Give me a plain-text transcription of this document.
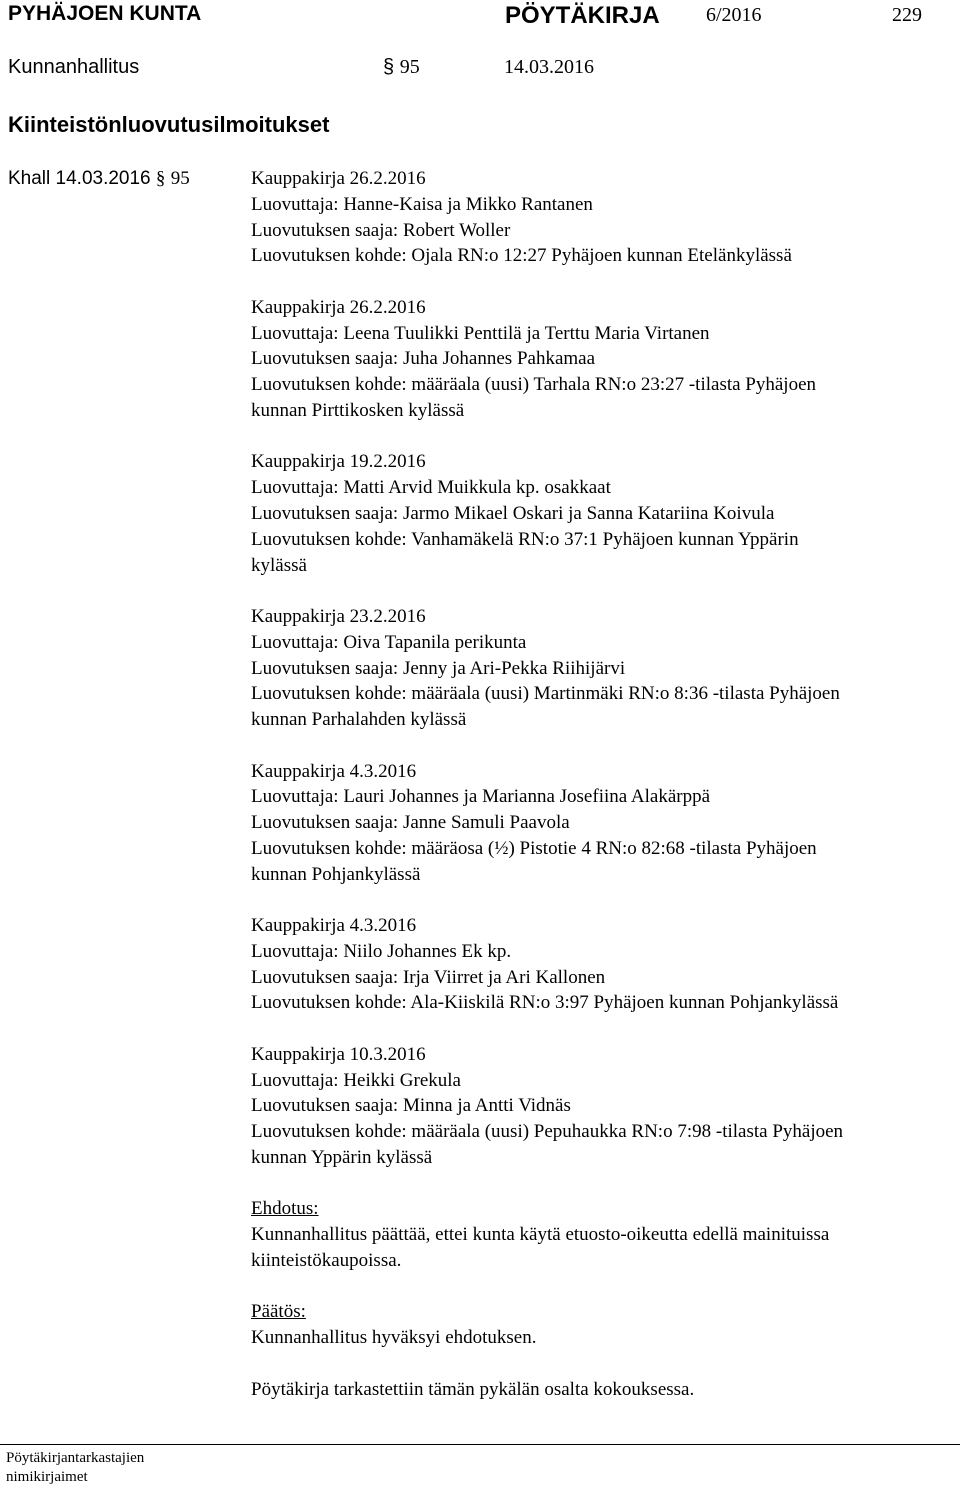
PYHÄJOEN KUNTA	PÖYTÄKIRJA 6/2016	229
Kunnanhallitus	§ 95	14.03.2016
Kiinteistönluovutusilmoitukset
Khall 14.03.2016 § 95	Kauppakirja 26.2.2016
Luovuttaja: Hanne-Kaisa ja Mikko Rantanen
Luovutuksen saaja: Robert Woller
Luovutuksen kohde: Ojala RN:o 12:27 Pyhäjoen kunnan Etelänkylässä
Kauppakirja 26.2.2016
Luovuttaja: Leena Tuulikki Penttilä ja Terttu Maria Virtanen
Luovutuksen saaja: Juha Johannes Pahkamaa
Luovutuksen kohde: määräala (uusi) Tarhala RN:o 23:27 -tilasta Pyhäjoen
kunnan Pirttikosken kylässä
Kauppakirja 19.2.2016
Luovuttaja: Matti Arvid Muikkula kp. osakkaat
Luovutuksen saaja: Jarmo Mikael Oskari ja Sanna Katariina Koivula
Luovutuksen kohde: Vanhamäkelä RN:o 37:1 Pyhäjoen kunnan Yppärin
kylässä
Kauppakirja 23.2.2016
Luovuttaja: Oiva Tapanila perikunta
Luovutuksen saaja: Jenny ja Ari-Pekka Riihijärvi
Luovutuksen kohde: määräala (uusi) Martinmäki RN:o 8:36 -tilasta Pyhäjoen
kunnan Parhalahden kylässä
Kauppakirja 4.3.2016
Luovuttaja: Lauri Johannes ja Marianna Josefiina Alakärppä
Luovutuksen saaja: Janne Samuli Paavola
Luovutuksen kohde: määräosa (½) Pistotie 4 RN:o 82:68 -tilasta Pyhäjoen
kunnan Pohjankylässä
Kauppakirja 4.3.2016
Luovuttaja: Niilo Johannes Ek kp.
Luovutuksen saaja: Irja Viirret ja Ari Kallonen
Luovutuksen kohde: Ala-Kiiskilä RN:o 3:97 Pyhäjoen kunnan Pohjankylässä
Kauppakirja 10.3.2016
Luovuttaja: Heikki Grekula
Luovutuksen saaja: Minna ja Antti Vidnäs
Luovutuksen kohde: määräala (uusi) Pepuhaukka RN:o 7:98 -tilasta Pyhäjoen
kunnan Yppärin kylässä
Ehdotus:
Kunnanhallitus päättää, ettei kunta käytä etuosto-oikeutta edellä mainituissa
kiinteistökaupoissa.
Päätös:
Kunnanhallitus hyväksyi ehdotuksen.
Pöytäkirja tarkastettiin tämän pykälän osalta kokouksessa.
Pöytäkirjantarkastajien
nimikirjaimet
